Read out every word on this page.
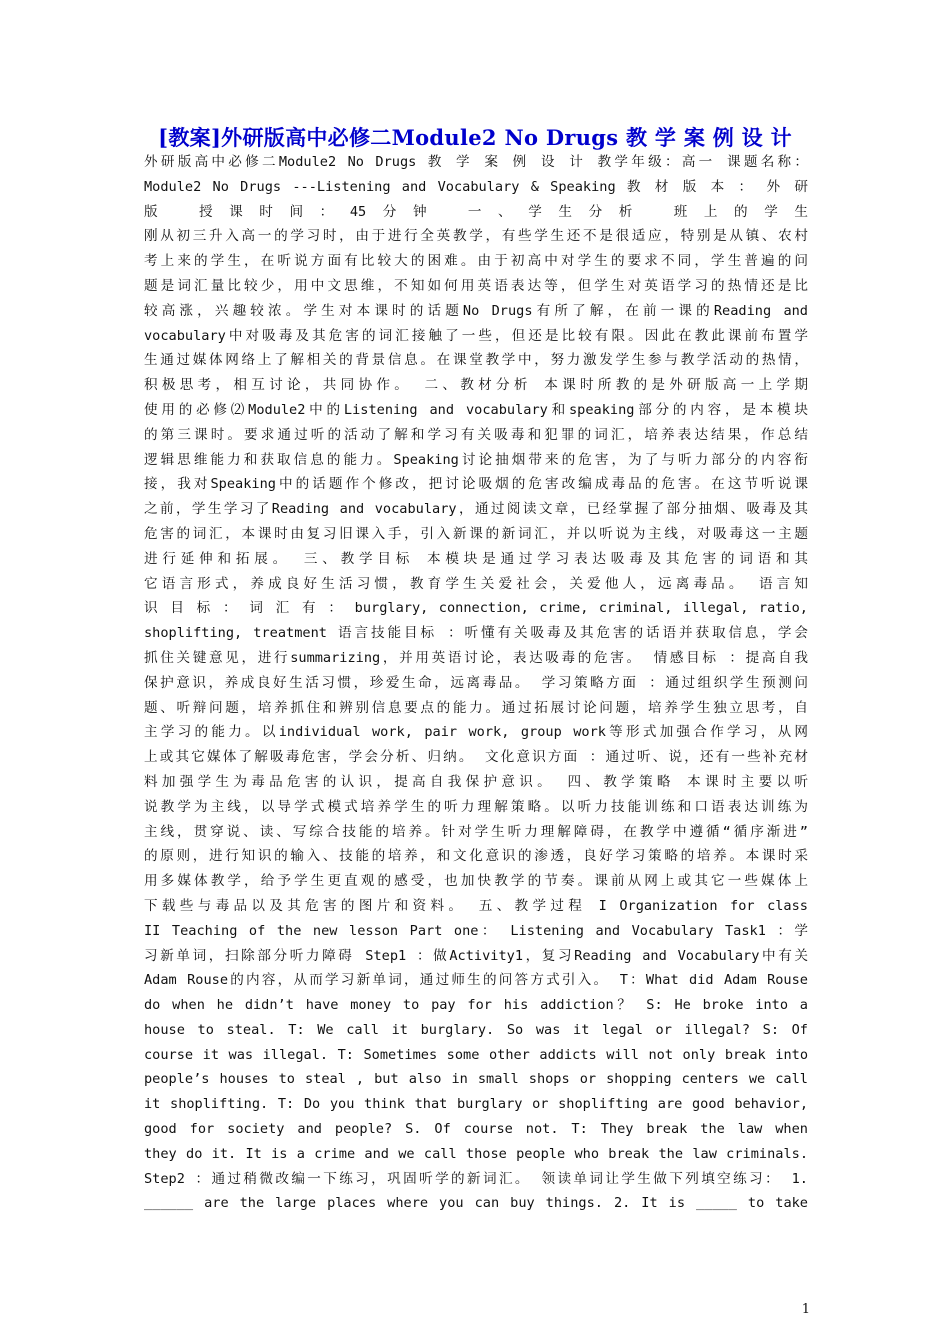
[教案]外研版高中必修二Module2 No Drugs 教 学 案 例 设 计
外研版高中必修二Module2 No Drugs 教 学 案 例 设 计 教学年级：高一 课题名称：
Module2 No Drugs ---Listening and Vocabulary & Speaking 教 材 版 本 ： 外 研
版 授课时间：45分钟 一、学生分析 班上的学生
刚从初三升入高一的学习时，由于进行全英教学，有些学生还不是很适应，特别是从镇、农村
考上来的学生，在听说方面有比较大的困难。由于初高中对学生的要求不同，学生普遍的问
题是词汇量比较少，用中文思维，不知如何用英语表达等，但学生对英语学习的热情还是比
较高涨，兴趣较浓。学生对本课时的话题No Drugs有所了解，在前一课的Reading and
vocabulary中对吸毒及其危害的词汇接触了一些，但还是比较有限。因此在教此课前布置学
生通过媒体网络上了解相关的背景信息。在课堂教学中，努力激发学生参与教学活动的热情，
积极思考，相互讨论，共同协作。 二、教材分析 本课时所教的是外研版高一上学期
使用的必修⑵Module2中的Listening and vocabulary和speaking部分的内容，是本模块
的第三课时。要求通过听的活动了解和学习有关吸毒和犯罪的词汇，培养表达结果，作总结
逻辑思维能力和获取信息的能力。Speaking讨论抽烟带来的危害，为了与听力部分的内容衔
接，我对Speaking中的话题作个修改，把讨论吸烟的危害改编成毒品的危害。在这节听说课
之前，学生学习了Reading and vocabulary，通过阅读文章，已经掌握了部分抽烟、吸毒及其
危害的词汇，本课时由复习旧课入手，引入新课的新词汇，并以听说为主线，对吸毒这一主题
进行延伸和拓展。 三、教学目标 本模块是通过学习表达吸毒及其危害的词语和其
它语言形式，养成良好生活习惯，教育学生关爱社会，关爱他人，远离毒品。 语言知
识 目 标 ： 词 汇 有 ： burglary, connection, crime, criminal, illegal, ratio,
shoplifting, treatment 语言技能目标 ：听懂有关吸毒及其危害的话语并获取信息，学会
抓住关键意见，进行summarizing，并用英语讨论，表达吸毒的危害。 情感目标 ：提高自我
保护意识，养成良好生活习惯，珍爱生命，远离毒品。 学习策略方面 ：通过组织学生预测问
题、听辩问题，培养抓住和辨别信息要点的能力。通过拓展讨论问题，培养学生独立思考，自
主学习的能力。以individual work, pair work, group work等形式加强合作学习，从网
上或其它媒体了解吸毒危害，学会分析、归纳。 文化意识方面 ：通过听、说，还有一些补充材
料加强学生为毒品危害的认识，提高自我保护意识。 四、教学策略 本课时主要以听
说教学为主线，以导学式模式培养学生的听力理解策略。以听力技能训练和口语表达训练为
主线，贯穿说、读、写综合技能的培养。针对学生听力理解障碍，在教学中遵循“循序渐进”
的原则，进行知识的输入、技能的培养，和文化意识的渗透，良好学习策略的培养。本课时采
用多媒体教学，给予学生更直观的感受，也加快教学的节奏。课前从网上或其它一些媒体上
下载些与毒品以及其危害的图片和资料。 五、教学过程 I Organization for class
II Teaching of the new lesson Part one： Listening and Vocabulary Task1 ：学
习新单词，扫除部分听力障碍 Step1 ：做Activity1，复习Reading and Vocabulary中有关
Adam Rouse的内容，从而学习新单词，通过师生的问答方式引入。 T：What did Adam Rouse
do when he didn’t have money to pay for his addiction？ S: He broke into a
house to steal. T: We call it burglary. So was it legal or illegal? S: Of
course it was illegal. T: Sometimes some other addicts will not only break into
people’s houses to steal , but also in small shops or shopping centers we call
it shoplifting. T: Do you think that burglary or shoplifting are good behavior,
good for society and people? S. Of course not. T: They break the law when
they do it. It is a crime and we call those people who break the law criminals.
Step2 ：通过稍微改编一下练习，巩固听学的新词汇。 领读单词让学生做下列填空练习： 1.
______ are the large places where you can buy things. 2. It is _____ to take
1
